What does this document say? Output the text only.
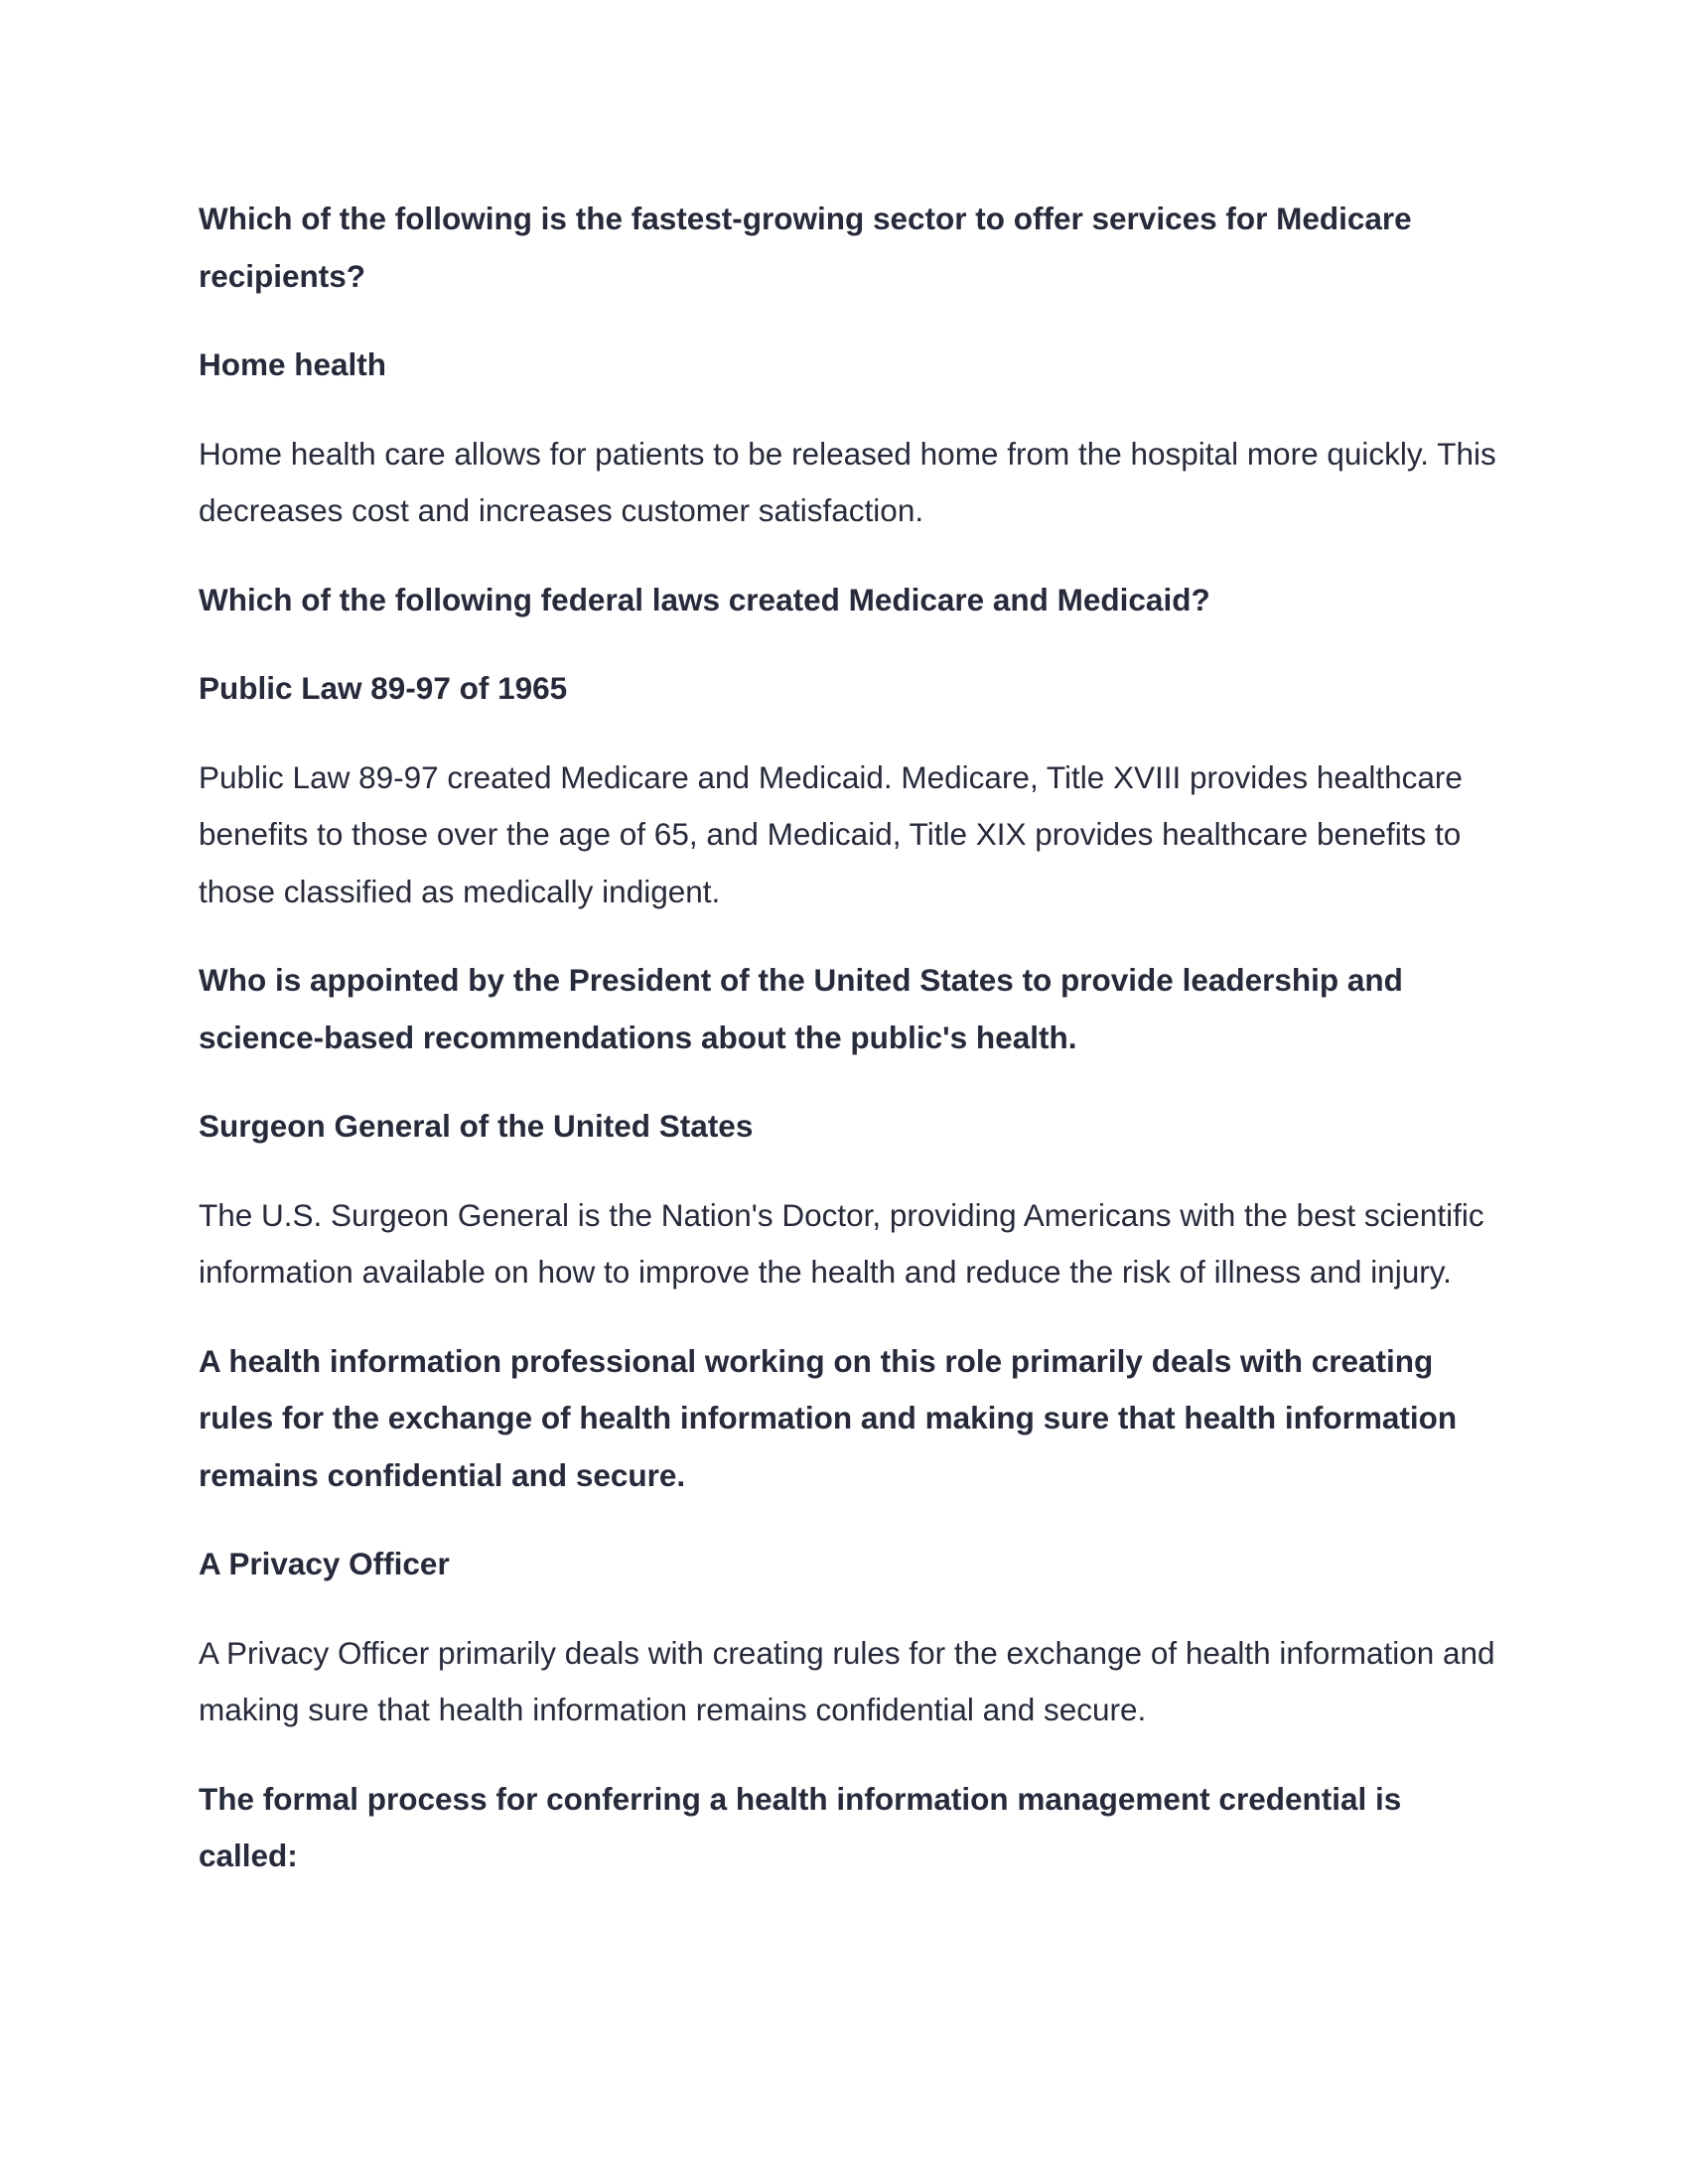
Which of the following is the fastest-growing sector to offer services for Medicare recipients?

Home health

Home health care allows for patients to be released home from the hospital more quickly. This decreases cost and increases customer satisfaction.

Which of the following federal laws created Medicare and Medicaid?

Public Law 89-97 of 1965

Public Law 89-97 created Medicare and Medicaid. Medicare, Title XVIII provides healthcare benefits to those over the age of 65, and Medicaid, Title XIX provides healthcare benefits to those classified as medically indigent.

Who is appointed by the President of the United States to provide leadership and science-based recommendations about the public's health.

Surgeon General of the United States

The U.S. Surgeon General is the Nation's Doctor, providing Americans with the best scientific information available on how to improve the health and reduce the risk of illness and injury.

A health information professional working on this role primarily deals with creating rules for the exchange of health information and making sure that health information remains confidential and secure.

A Privacy Officer

A Privacy Officer primarily deals with creating rules for the exchange of health information and making sure that health information remains confidential and secure.

The formal process for conferring a health information management credential is called:
